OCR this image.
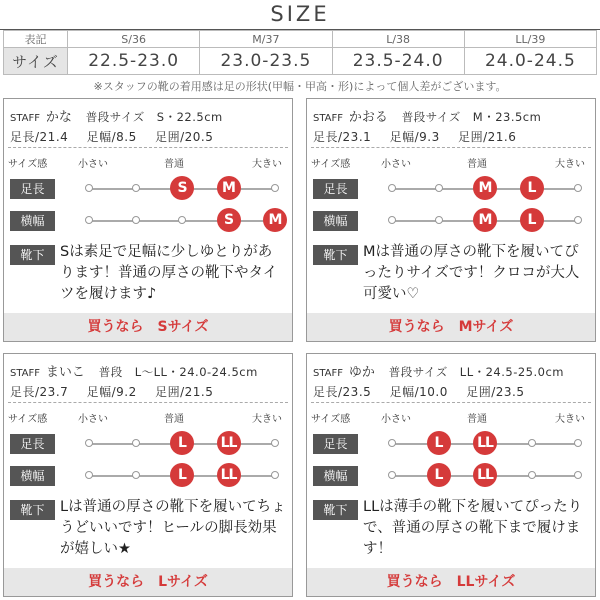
SIZE
表記	S/36	M/37	L/38	LL/39
サイズ	22.5-23.0	23.0-23.5	23.5-24.0	24.0-24.5
※スタッフの靴の着用感は足の形状(甲幅・甲高・形)によって個人差がございます。
STAFF かな 普段サイズ　S・22.5cm
足長/21.4 足幅/8.5 足囲/20.5
サイズ感	小さい	普通	大きい
足長	S	M
横幅	S	M
靴下	Sは素足で足幅に少しゆとりがあります！普通の厚さの靴下やタイツを履けます♪
買うなら　Sサイズ
STAFF かおる 普段サイズ　M・23.5cm
足長/23.1 足幅/9.3 足囲/21.6
サイズ感	小さい	普通	大きい
足長	M	L
横幅	M	L
靴下	Mは普通の厚さの靴下を履いてぴったりサイズです！クロコが大人可愛い♡
買うなら　Mサイズ
STAFF まいこ 普段　L～LL・24.0-24.5cm
足長/23.7 足幅/9.2 足囲/21.5
サイズ感	小さい	普通	大きい
足長	L	LL
横幅	L	LL
靴下	Lは普通の厚さの靴下を履いてちょうどいいです！ヒールの脚長効果が嬉しい★
買うなら　Lサイズ
STAFF ゆか 普段サイズ　LL・24.5-25.0cm
足長/23.5 足幅/10.0 足囲/23.5
サイズ感	小さい	普通	大きい
足長	L	LL
横幅	L	LL
靴下	LLは薄手の靴下を履いてぴったりで、普通の厚さの靴下まで履けます！
買うなら　LLサイズ
